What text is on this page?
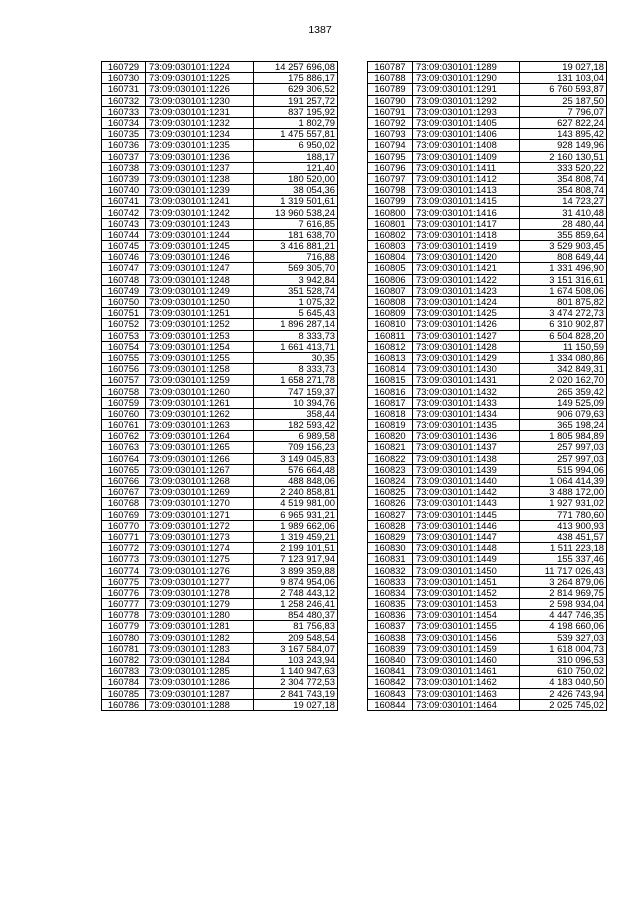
1387
160729	73:09:030101:1224	14 257 696,08
160730	73:09:030101:1225	175 886,17
160731	73:09:030101:1226	629 306,52
160732	73:09:030101:1230	191 257,72
160733	73:09:030101:1231	837 195,92
160734	73:09:030101:1232	1 802,79
160735	73:09:030101:1234	1 475 557,81
160736	73:09:030101:1235	6 950,02
160737	73:09:030101:1236	188,17
160738	73:09:030101:1237	121,40
160739	73:09:030101:1238	180 520,00
160740	73:09:030101:1239	38 054,36
160741	73:09:030101:1241	1 319 501,61
160742	73:09:030101:1242	13 960 538,24
160743	73:09:030101:1243	7 616,85
160744	73:09:030101:1244	181 638,70
160745	73:09:030101:1245	3 416 881,21
160746	73:09:030101:1246	716,88
160747	73:09:030101:1247	569 305,70
160748	73:09:030101:1248	3 942,84
160749	73:09:030101:1249	351 528,74
160750	73:09:030101:1250	1 075,32
160751	73:09:030101:1251	5 645,43
160752	73:09:030101:1252	1 896 287,14
160753	73:09:030101:1253	8 333,73
160754	73:09:030101:1254	1 661 413,71
160755	73:09:030101:1255	30,35
160756	73:09:030101:1258	8 333,73
160757	73:09:030101:1259	1 658 271,78
160758	73:09:030101:1260	747 159,37
160759	73:09:030101:1261	10 394,76
160760	73:09:030101:1262	358,44
160761	73:09:030101:1263	182 593,42
160762	73:09:030101:1264	6 989,58
160763	73:09:030101:1265	709 156,23
160764	73:09:030101:1266	3 149 045,83
160765	73:09:030101:1267	576 664,48
160766	73:09:030101:1268	488 848,06
160767	73:09:030101:1269	2 240 858,81
160768	73:09:030101:1270	4 519 981,00
160769	73:09:030101:1271	6 965 931,21
160770	73:09:030101:1272	1 989 662,06
160771	73:09:030101:1273	1 319 459,21
160772	73:09:030101:1274	2 199 101,51
160773	73:09:030101:1275	7 123 917,94
160774	73:09:030101:1276	3 899 359,88
160775	73:09:030101:1277	9 874 954,06
160776	73:09:030101:1278	2 748 443,12
160777	73:09:030101:1279	1 258 246,41
160778	73:09:030101:1280	854 480,37
160779	73:09:030101:1281	81 756,83
160780	73:09:030101:1282	209 548,54
160781	73:09:030101:1283	3 167 584,07
160782	73:09:030101:1284	103 243,94
160783	73:09:030101:1285	1 140 947,63
160784	73:09:030101:1286	2 304 772,53
160785	73:09:030101:1287	2 841 743,19
160786	73:09:030101:1288	19 027,18
160787	73:09:030101:1289	19 027,18
160788	73:09:030101:1290	131 103,04
160789	73:09:030101:1291	6 760 593,87
160790	73:09:030101:1292	25 187,50
160791	73:09:030101:1293	7 796,07
160792	73:09:030101:1405	627 822,24
160793	73:09:030101:1406	143 895,42
160794	73:09:030101:1408	928 149,96
160795	73:09:030101:1409	2 160 130,51
160796	73:09:030101:1411	333 520,22
160797	73:09:030101:1412	354 808,74
160798	73:09:030101:1413	354 808,74
160799	73:09:030101:1415	14 723,27
160800	73:09:030101:1416	31 410,48
160801	73:09:030101:1417	28 480,44
160802	73:09:030101:1418	355 859,64
160803	73:09:030101:1419	3 529 903,45
160804	73:09:030101:1420	808 649,44
160805	73:09:030101:1421	1 331 496,90
160806	73:09:030101:1422	3 151 316,61
160807	73:09:030101:1423	1 674 508,06
160808	73:09:030101:1424	801 875,82
160809	73:09:030101:1425	3 474 272,73
160810	73:09:030101:1426	6 310 902,87
160811	73:09:030101:1427	6 504 828,20
160812	73:09:030101:1428	11 150,59
160813	73:09:030101:1429	1 334 080,86
160814	73:09:030101:1430	342 849,31
160815	73:09:030101:1431	2 020 162,70
160816	73:09:030101:1432	265 359,42
160817	73:09:030101:1433	149 525,09
160818	73:09:030101:1434	906 079,63
160819	73:09:030101:1435	365 198,24
160820	73:09:030101:1436	1 805 984,89
160821	73:09:030101:1437	257 997,03
160822	73:09:030101:1438	257 997,03
160823	73:09:030101:1439	515 994,06
160824	73:09:030101:1440	1 064 414,39
160825	73:09:030101:1442	3 488 172,00
160826	73:09:030101:1443	1 927 931,02
160827	73:09:030101:1445	771 780,60
160828	73:09:030101:1446	413 900,93
160829	73:09:030101:1447	438 451,57
160830	73:09:030101:1448	1 511 223,18
160831	73:09:030101:1449	155 337,46
160832	73:09:030101:1450	11 717 026,43
160833	73:09:030101:1451	3 264 879,06
160834	73:09:030101:1452	2 814 969,75
160835	73:09:030101:1453	2 598 934,04
160836	73:09:030101:1454	4 447 746,35
160837	73:09:030101:1455	4 198 660,06
160838	73:09:030101:1456	539 327,03
160839	73:09:030101:1459	1 618 004,73
160840	73:09:030101:1460	310 096,53
160841	73:09:030101:1461	610 750,02
160842	73:09:030101:1462	4 183 040,50
160843	73:09:030101:1463	2 426 743,94
160844	73:09:030101:1464	2 025 745,02
